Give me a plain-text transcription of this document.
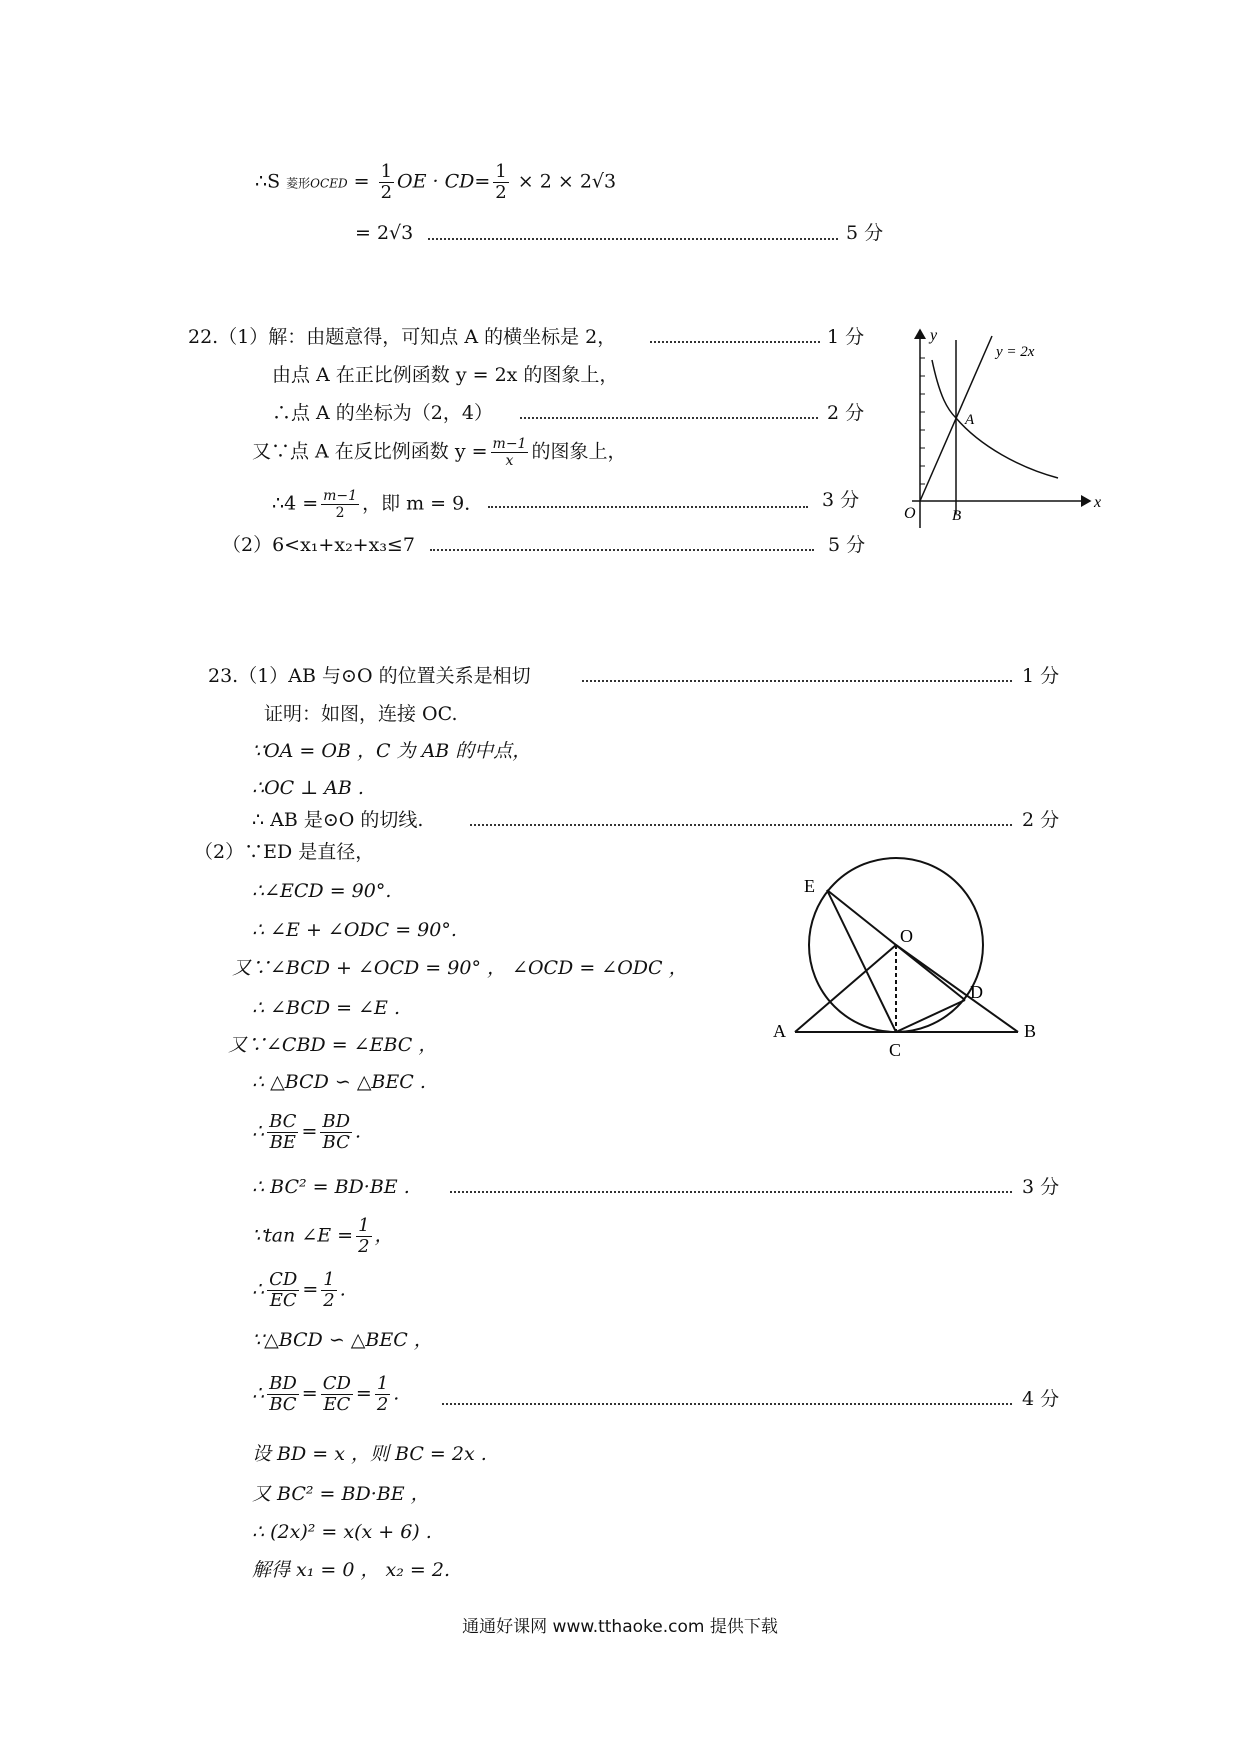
∴S 菱形OCED = $\frac{1}{2}$ OE · $CD= \frac{1}{2} \times 2 \times 2√3$
= 2√3	5 分
22.（1）解：由题意得，可知点 A 的横坐标是 2，	1 分
由点 A 在正比例函数 y = 2x 的图象上，
∴点 A 的坐标为（2，4）	2 分
又∵点 A 在反比例函数 $y = \frac{m-1}{x}$ 的图象上，
∴4 = $\frac{m-1}{2}$ ，即 m = 9．	3 分
（2）6<x₁+x₂+x₃≤7	5 分
y
x
O B
A
y = 2x
23.（1）AB 与⊙O 的位置关系是相切	1 分
证明：如图，连接 OC.
∵OA = OB ，C 为 AB 的中点，
∴OC ⊥ AB .
∴ AB 是⊙O 的切线.	2 分
（2）∵ED 是直径，
∴∠ECD = 90°.
∴ ∠E + ∠ODC = 90°.
又∵∠BCD + ∠OCD = 90° ， ∠OCD = ∠ODC ，
∴ ∠BCD = ∠E .
又∵∠CBD = ∠EBC ，
∴ △BCD ∽ △BEC .
∴ $\frac{BC}{BE} = \frac{BD}{BC}$ .
∴ BC² = BD·BE .	3 分
∵tan ∠E = $\frac{1}{2}$ ，
∴ $\frac{CD}{EC} = \frac{1}{2}$ .
∵△BCD ∽ △BEC ，
∴ $\frac{BD}{BC} = \frac{CD}{EC} = \frac{1}{2}$ .	4 分
设 BD = x ，则 BC = 2x .
又 BC² = BD·BE ，
∴ (2x)² = x(x + 6) .
解得 x₁ = 0 ， x₂ = 2.
E
O
D
A	B
C
通通好课网 www.tthaoke.com 提供下载
